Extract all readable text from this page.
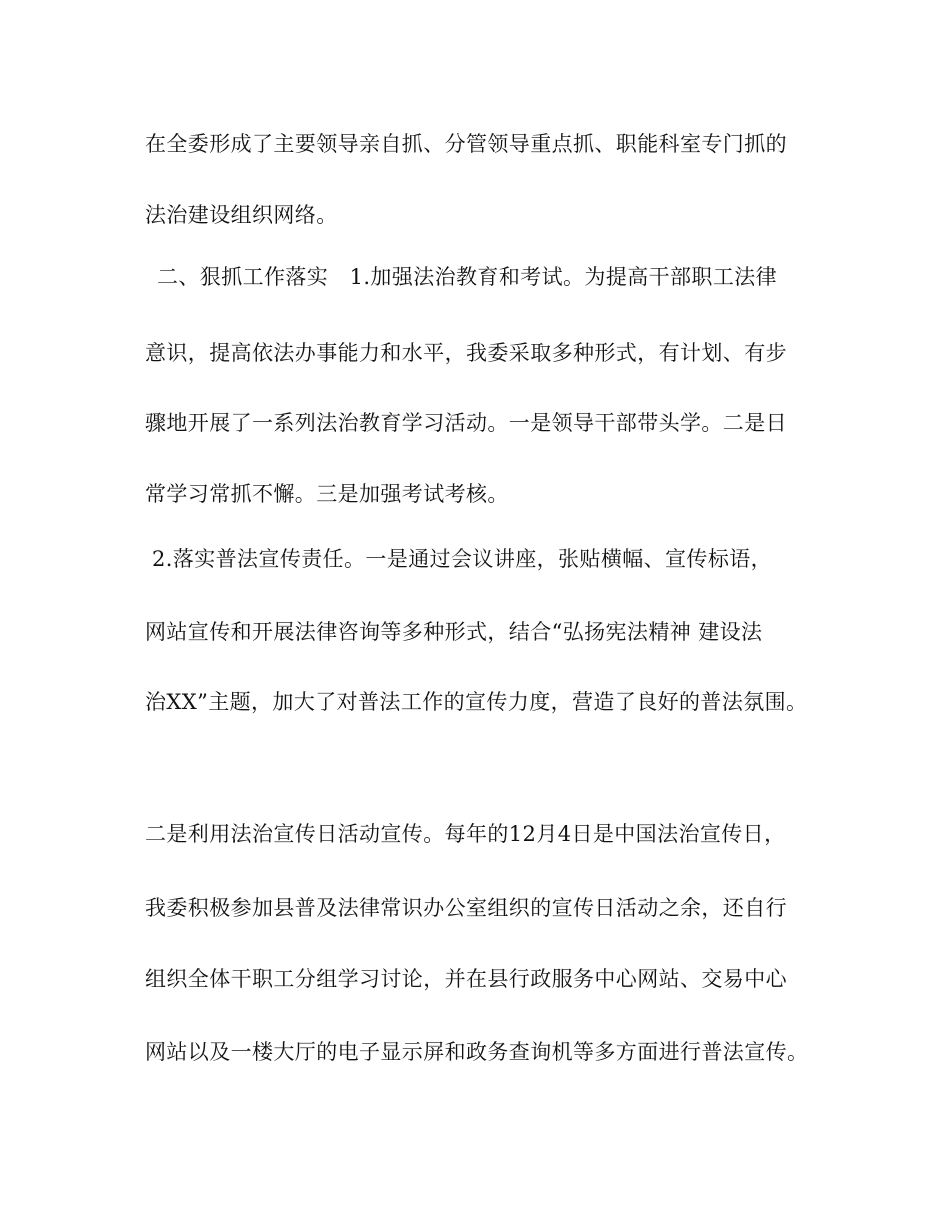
在全委形成了主要领导亲自抓、分管领导重点抓、职能科室专门抓的
法治建设组织网络。
二、狠抓工作落实　1.加强法治教育和考试。为提高干部职工法律
意识，提高依法办事能力和水平，我委采取多种形式，有计划、有步
骤地开展了一系列法治教育学习活动。一是领导干部带头学。二是日
常学习常抓不懈。三是加强考试考核。
2.落实普法宣传责任。一是通过会议讲座，张贴横幅、宣传标语，
网站宣传和开展法律咨询等多种形式，结合“弘扬宪法精神 建设法
治XX”主题，加大了对普法工作的宣传力度，营造了良好的普法氛围。
二是利用法治宣传日活动宣传。每年的12月4日是中国法治宣传日，
我委积极参加县普及法律常识办公室组织的宣传日活动之余，还自行
组织全体干职工分组学习讨论，并在县行政服务中心网站、交易中心
网站以及一楼大厅的电子显示屏和政务查询机等多方面进行普法宣传。
